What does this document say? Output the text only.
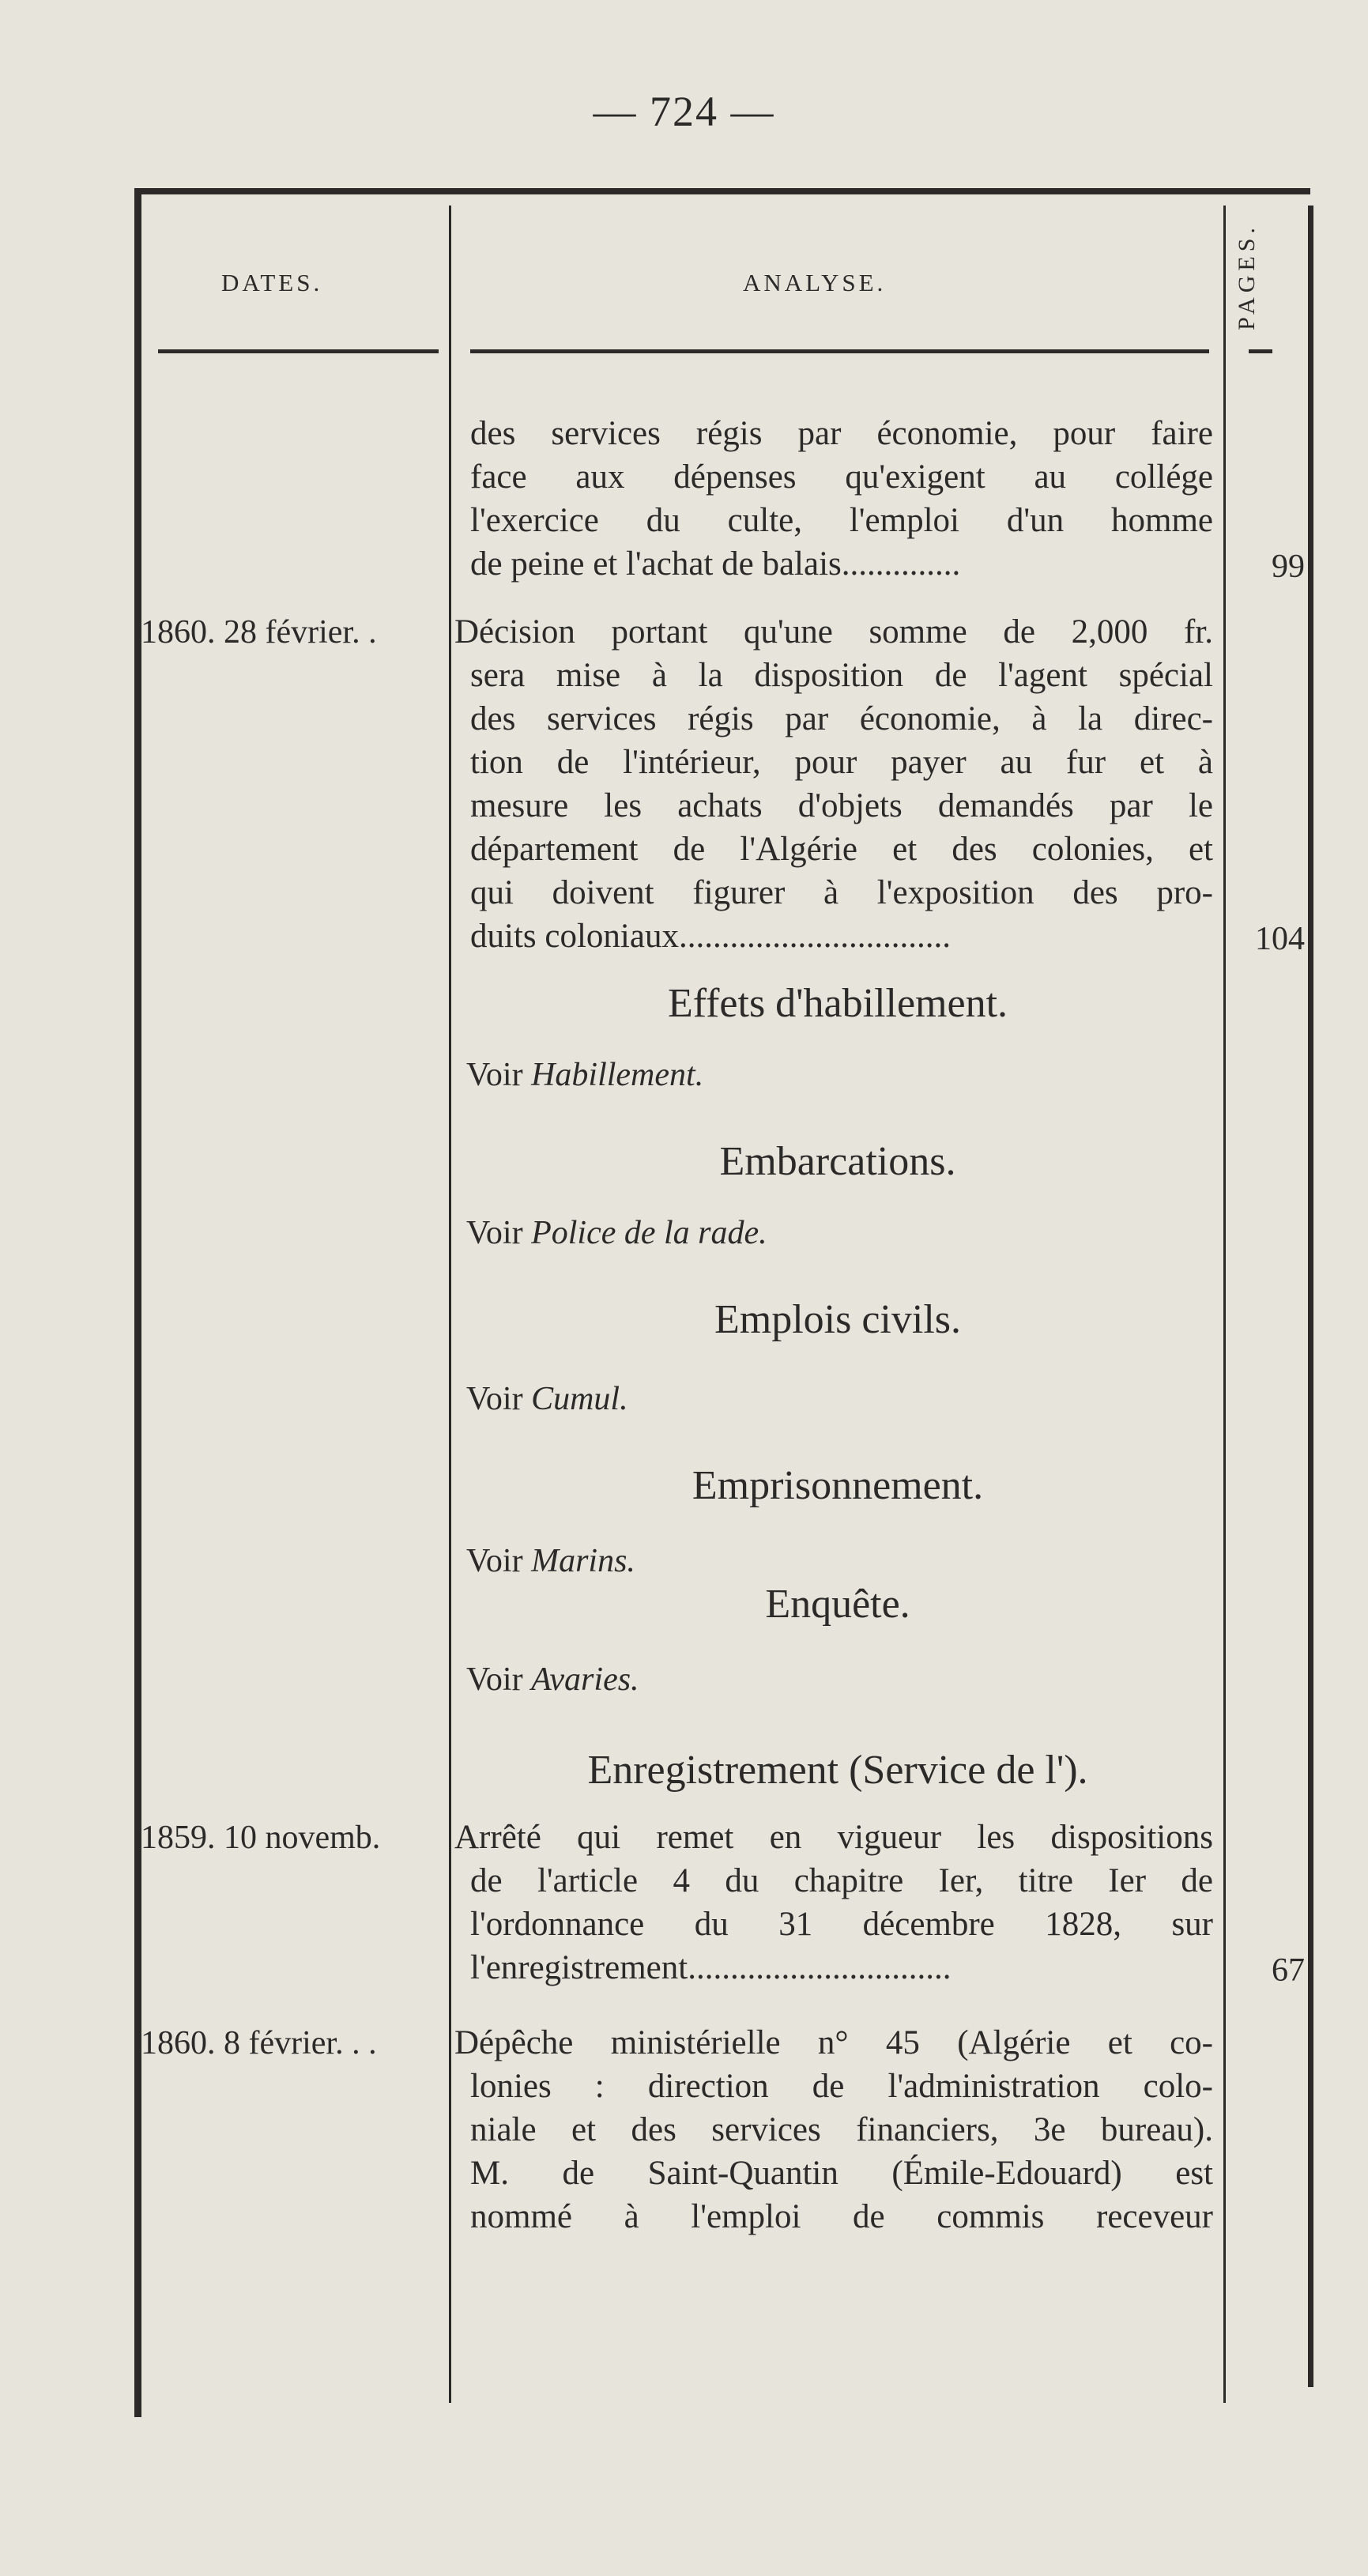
— 724 —
DATES.	ANALYSE.	PAGES.
des services régis par économie, pour faire
face aux dépenses qu'exigent au collége
l'exercice du culte, l'emploi d'un homme
de peine et l'achat de balais..............	99
1860. 28 février. . Décision portant qu'une somme de 2,000 fr.
sera mise à la disposition de l'agent spécial
des services régis par économie, à la direc-
tion de l'intérieur, pour payer au fur et à
mesure les achats d'objets demandés par le
département de l'Algérie et des colonies, et
qui doivent figurer à l'exposition des pro-
duits coloniaux................................	104
Effets d'habillement.
Voir Habillement.
Embarcations.
Voir Police de la rade.
Emplois civils.
Voir Cumul.
Emprisonnement.
Voir Marins.
Enquête.
Voir Avaries.
Enregistrement (Service de l').
1859. 10 novemb. Arrêté qui remet en vigueur les dispositions
de l'article 4 du chapitre Ier, titre Ier de
l'ordonnance du 31 décembre 1828, sur
l'enregistrement...............................	67
1860. 8 février. . . Dépêche ministérielle n° 45 (Algérie et co-
lonies : direction de l'administration colo-
niale et des services financiers, 3e bureau).
M. de Saint-Quantin (Émile-Edouard) est
nommé à l'emploi de commis receveur
